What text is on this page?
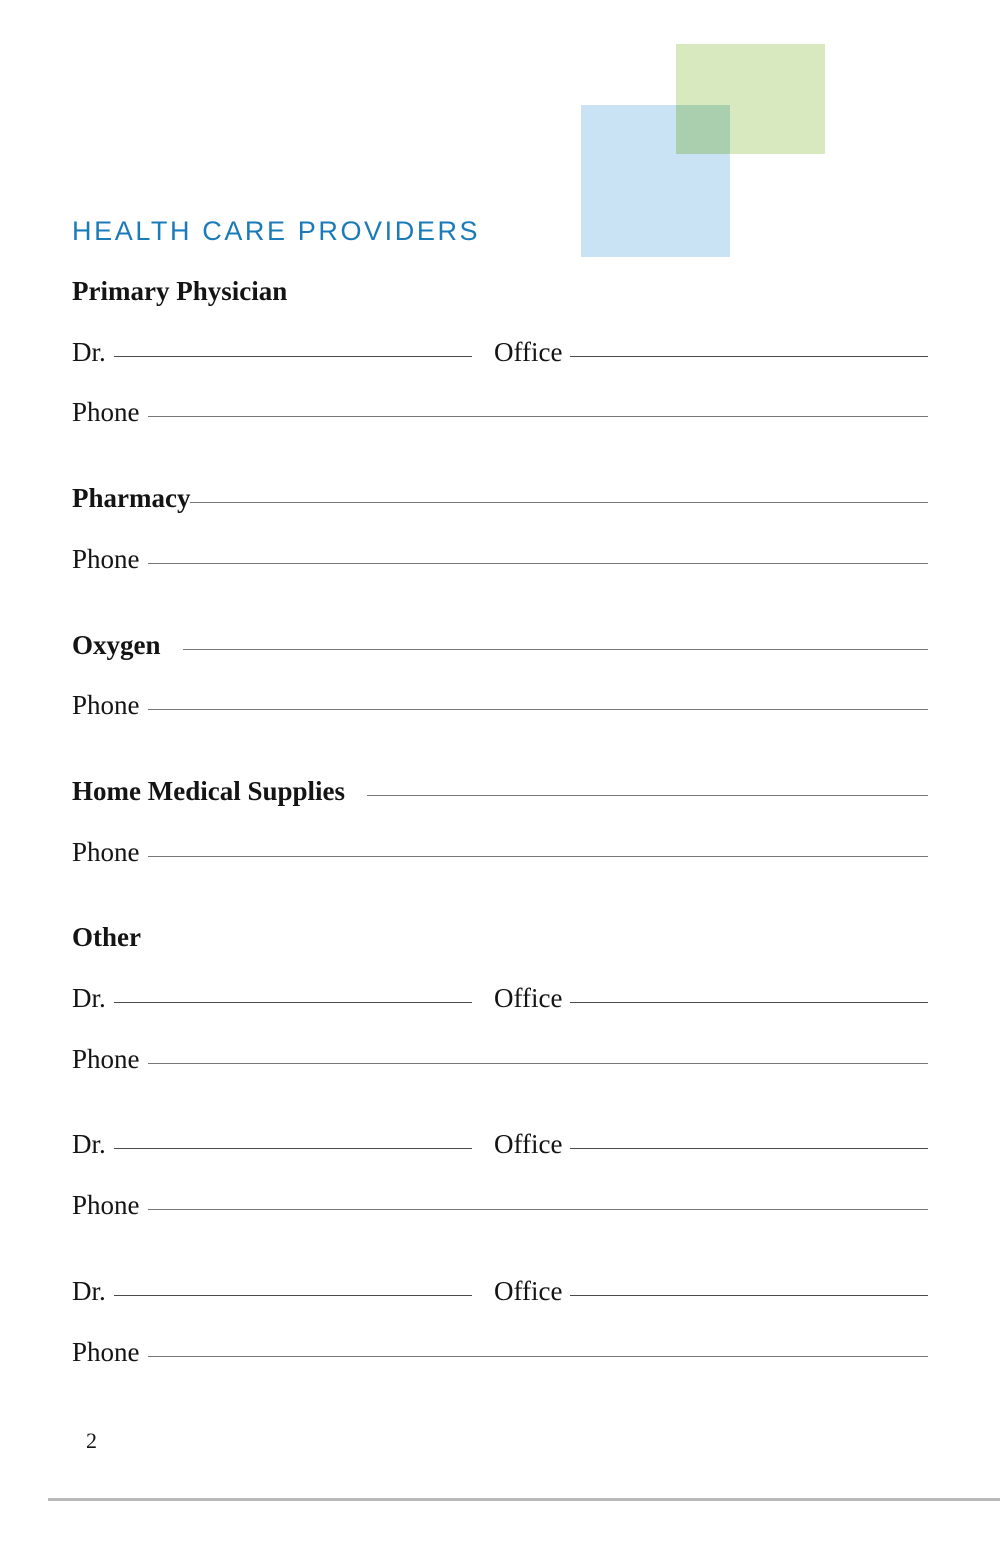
HEALTH CARE PROVIDERS
Primary Physician
Dr.	Office
Phone
Pharmacy
Phone
Oxygen
Phone
Home Medical Supplies
Phone
Other
Dr.	Office
Phone
Dr.	Office
Phone
Dr.	Office
Phone
2
